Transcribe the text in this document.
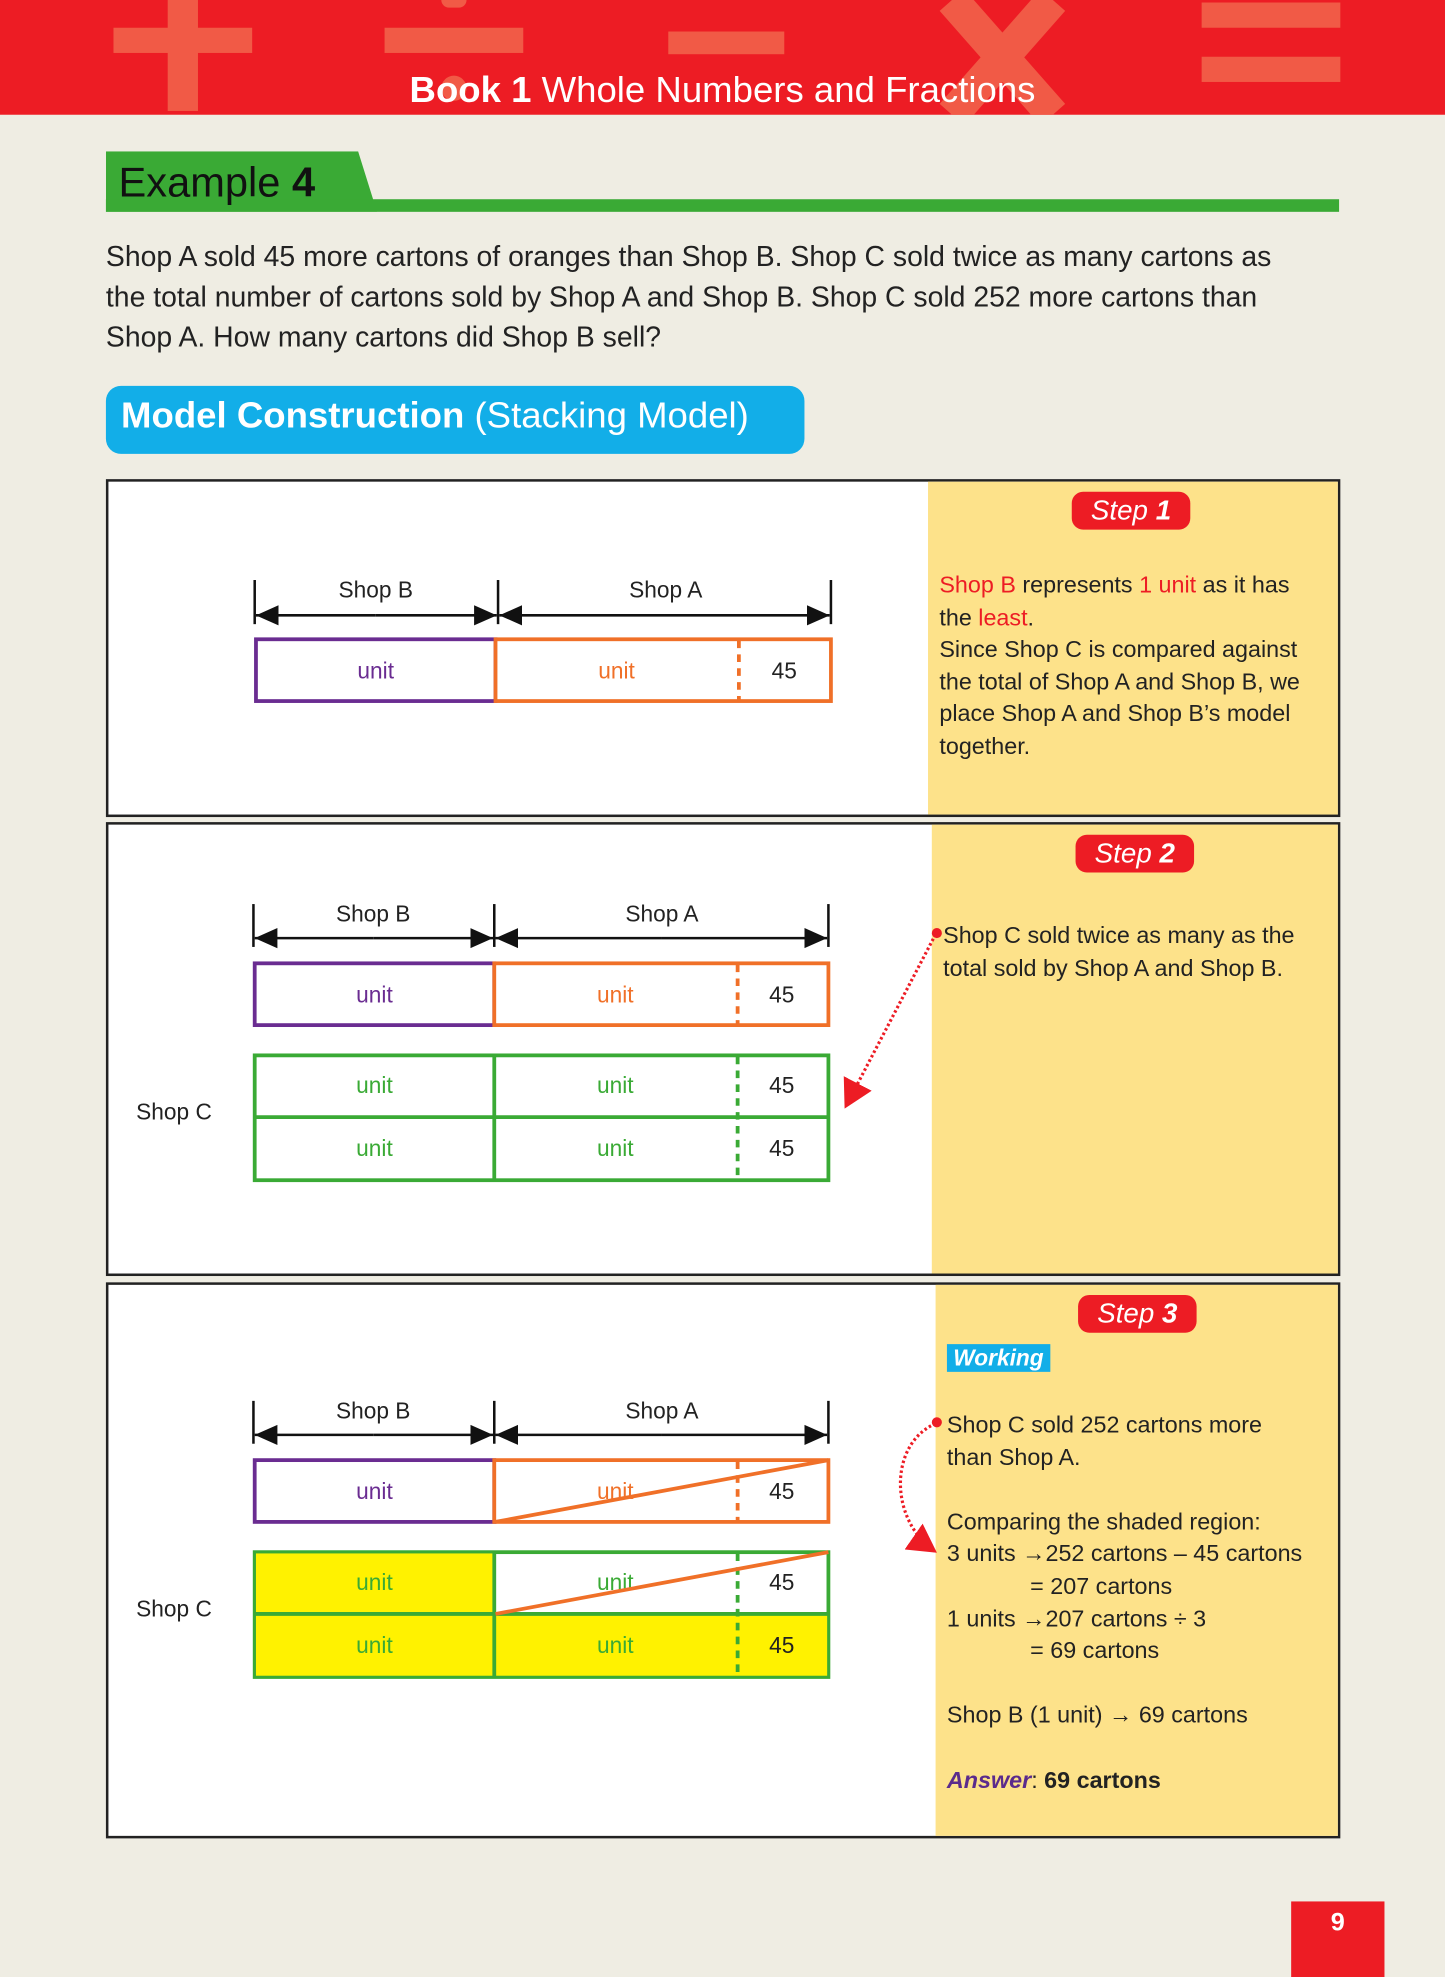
Book 1 Whole Numbers and Fractions
Example 4
Shop A sold 45 more cartons of oranges than Shop B. Shop C sold twice as many cartons as
the total number of cartons sold by Shop A and Shop B. Shop C sold 252 more cartons than
Shop A. How many cartons did Shop B sell?
Model Construction (Stacking Model)
Step 1
Shop B represents 1 unit as it has
the least.
Since Shop C is compared against
the total of Shop A and Shop B, we
place Shop A and Shop B’s model
together.
Step 2
Shop C sold twice as many as the
total sold by Shop A and Shop B.
Step 3
Working
Shop C sold 252 cartons more
than Shop A.
Comparing the shaded region:
3 units →252 cartons – 45 cartons
= 207 cartons
1 units →207 cartons ÷ 3
= 69 cartons
Shop B (1 unit) → 69 cartons
Answer: 69 cartons
Shop B	Shop A
unit	unit	45
Shop B	Shop A
unit	unit	45
unit	unit	45
unit	unit	45
Shop C
Shop B	Shop A
unit	unit	45
unit	unit	45
unit	unit	45
Shop C
9
